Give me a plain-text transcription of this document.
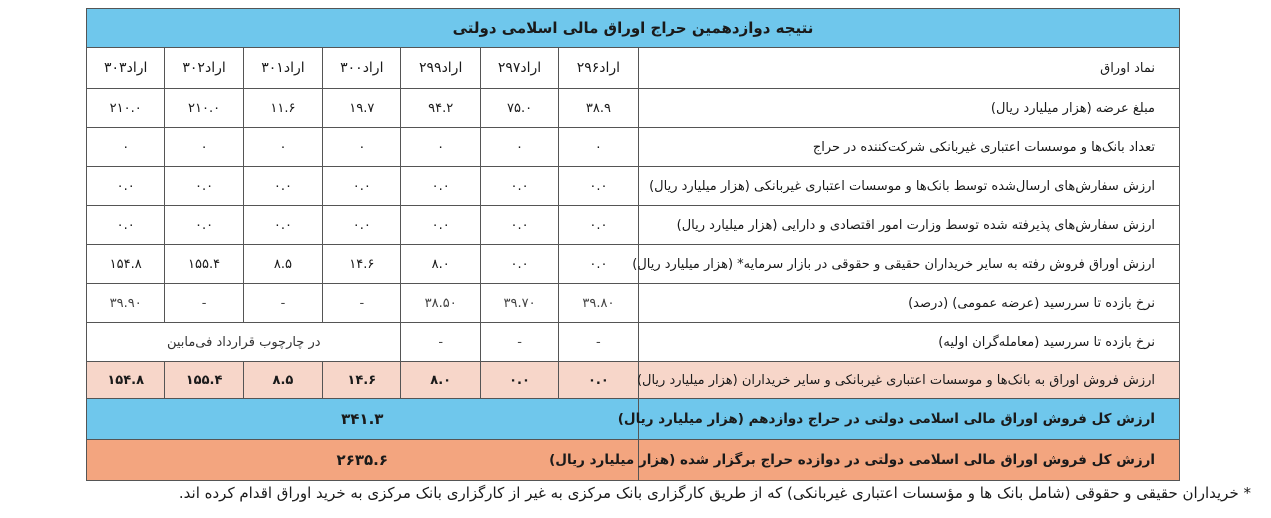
نتیجه دوازدهمین حراج اوراق مالی اسلامی دولتی							
نماد اوراق	اراد۲۹۶	اراد۲۹۷	اراد۲۹۹	اراد۳۰۰	اراد۳۰۱	اراد۳۰۲	اراد۳۰۳
مبلغ عرضه (هزار میلیارد ریال)	۳۸.۹	۷۵.۰	۹۴.۲	۱۹.۷	۱۱.۶	۲۱۰.۰	۲۱۰.۰
تعداد بانک‌ها و موسسات اعتباری غیربانکی شرکت‌کننده در حراج	۰	۰	۰	۰	۰	۰	۰
ارزش سفارش‌های ارسال‌شده توسط بانک‌ها و موسسات اعتباری غیربانکی (هزار میلیارد ریال)	۰.۰	۰.۰	۰.۰	۰.۰	۰.۰	۰.۰	۰.۰
ارزش سفارش‌های پذیرفته شده توسط وزارت امور اقتصادی و دارایی (هزار میلیارد ریال)	۰.۰	۰.۰	۰.۰	۰.۰	۰.۰	۰.۰	۰.۰
ارزش اوراق فروش رفته به سایر خریداران حقیقی و حقوقی در بازار سرمایه* (هزار میلیارد ریال)	۰.۰	۰.۰	۸.۰	۱۴.۶	۸.۵	۱۵۵.۴	۱۵۴.۸
نرخ بازده تا سررسید (عرضه عمومی) (درصد)	۳۹.۸۰	۳۹.۷۰	۳۸.۵۰	-	-	-	۳۹.۹۰
نرخ بازده تا سررسید (معامله‌گران اولیه)	-	-	-	در چارچوب قرارداد فی‌مابین			
ارزش فروش اوراق به بانک‌ها و موسسات اعتباری غیربانکی و سایر خریداران (هزار میلیارد ریال)	۰.۰	۰.۰	۸.۰	۱۴.۶	۸.۵	۱۵۵.۴	۱۵۴.۸
ارزش کل فروش اوراق مالی اسلامی دولتی در حراج دوازدهم (هزار میلیارد ریال)	۳۴۱.۳						
ارزش کل فروش اوراق مالی اسلامی دولتی در دوازده حراج برگزار شده (هزار میلیارد ریال)	۲۶۳۵.۶						
* خریداران حقیقی و حقوقی (شامل بانک ها و مؤسسات اعتباری غیربانکی) که از طریق کارگزاری بانک مرکزی به غیر از کارگزاری بانک مرکزی به خرید اوراق اقدام کرده اند.
